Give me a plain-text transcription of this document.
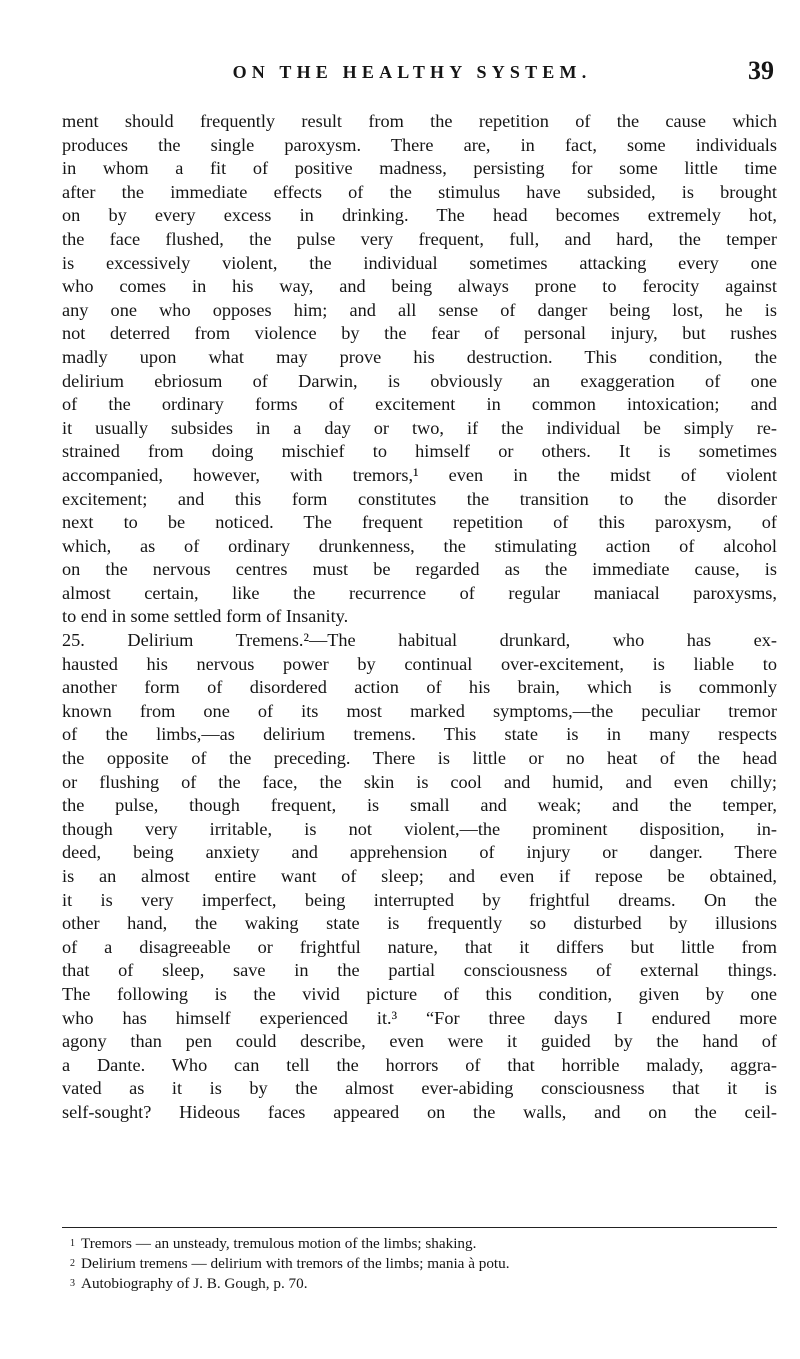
ON THE HEALTHY SYSTEM.	39
ment should frequently result from the repetition of the cause which
produces the single paroxysm. There are, in fact, some individuals
in whom a fit of positive madness, persisting for some little time
after the immediate effects of the stimulus have subsided, is brought
on by every excess in drinking. The head becomes extremely hot,
the face flushed, the pulse very frequent, full, and hard, the temper
is excessively violent, the individual sometimes attacking every one
who comes in his way, and being always prone to ferocity against
any one who opposes him; and all sense of danger being lost, he is
not deterred from violence by the fear of personal injury, but rushes
madly upon what may prove his destruction. This condition, the
delirium ebriosum of Darwin, is obviously an exaggeration of one
of the ordinary forms of excitement in common intoxication; and
it usually subsides in a day or two, if the individual be simply re-
strained from doing mischief to himself or others. It is sometimes
accompanied, however, with tremors,¹ even in the midst of violent
excitement; and this form constitutes the transition to the disorder
next to be noticed. The frequent repetition of this paroxysm, of
which, as of ordinary drunkenness, the stimulating action of alcohol
on the nervous centres must be regarded as the immediate cause, is
almost certain, like the recurrence of regular maniacal paroxysms,
to end in some settled form of Insanity.
25. Delirium Tremens.²—The habitual drunkard, who has ex-
hausted his nervous power by continual over-excitement, is liable to
another form of disordered action of his brain, which is commonly
known from one of its most marked symptoms,—the peculiar tremor
of the limbs,—as delirium tremens. This state is in many respects
the opposite of the preceding. There is little or no heat of the head
or flushing of the face, the skin is cool and humid, and even chilly;
the pulse, though frequent, is small and weak; and the temper,
though very irritable, is not violent,—the prominent disposition, in-
deed, being anxiety and apprehension of injury or danger. There
is an almost entire want of sleep; and even if repose be obtained,
it is very imperfect, being interrupted by frightful dreams. On the
other hand, the waking state is frequently so disturbed by illusions
of a disagreeable or frightful nature, that it differs but little from
that of sleep, save in the partial consciousness of external things.
The following is the vivid picture of this condition, given by one
who has himself experienced it.³ “For three days I endured more
agony than pen could describe, even were it guided by the hand of
a Dante. Who can tell the horrors of that horrible malady, aggra-
vated as it is by the almost ever-abiding consciousness that it is
self-sought? Hideous faces appeared on the walls, and on the ceil-
$^1$ Tremors — an unsteady, tremulous motion of the limbs; shaking.
$^2$ Delirium tremens — delirium with tremors of the limbs; mania à potu.
$^3$ Autobiography of J. B. Gough, p. 70.
